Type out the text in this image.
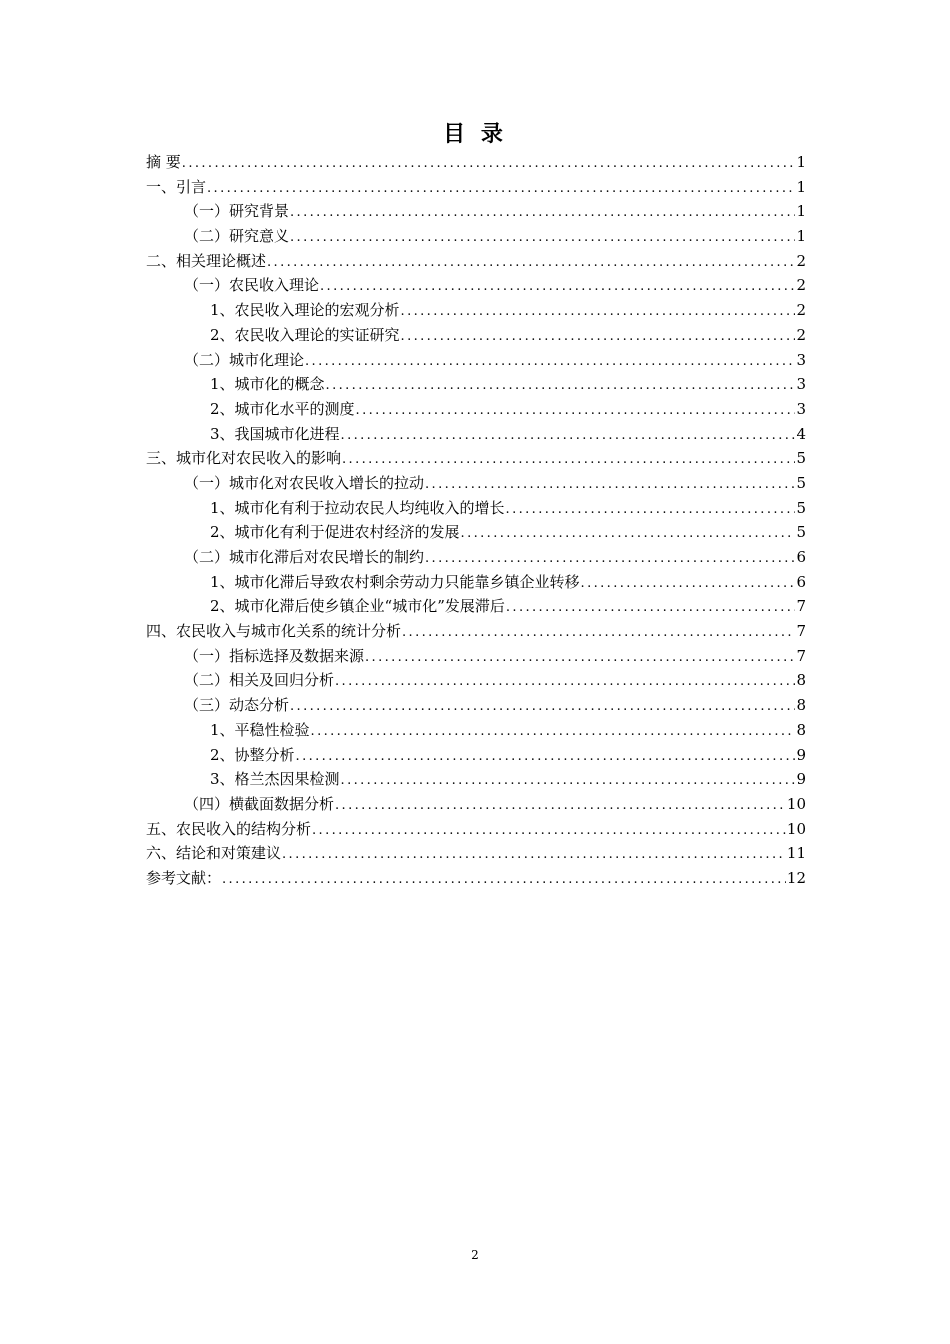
目 录
摘 要 .....	1
一、引言 .....	1
（一）研究背景 .....	1
（二）研究意义 .....	1
二、相关理论概述 .....	2
（一）农民收入理论 .....	2
1、农民收入理论的宏观分析 .....	2
2、农民收入理论的实证研究 .....	2
（二）城市化理论 .....	3
1、城市化的概念 .....	3
2、城市化水平的测度 .....	3
3、我国城市化进程 .....	4
三、城市化对农民收入的影响 .....	5
（一）城市化对农民收入增长的拉动 .....	5
1、城市化有利于拉动农民人均纯收入的增长 .....	5
2、城市化有利于促进农村经济的发展 .....	5
（二）城市化滞后对农民增长的制约 .....	6
1、城市化滞后导致农村剩余劳动力只能靠乡镇企业转移 .....	6
2、城市化滞后使乡镇企业“城市化”发展滞后 .....	7
四、农民收入与城市化关系的统计分析 .....	7
（一）指标选择及数据来源 .....	7
（二）相关及回归分析 .....	8
（三）动态分析 .....	8
1、平稳性检验 .....	8
2、协整分析 .....	9
3、格兰杰因果检测 .....	9
（四）横截面数据分析 .....	10
五、农民收入的结构分析 .....	10
六、结论和对策建议 .....	11
参考文献： .....	12
2
